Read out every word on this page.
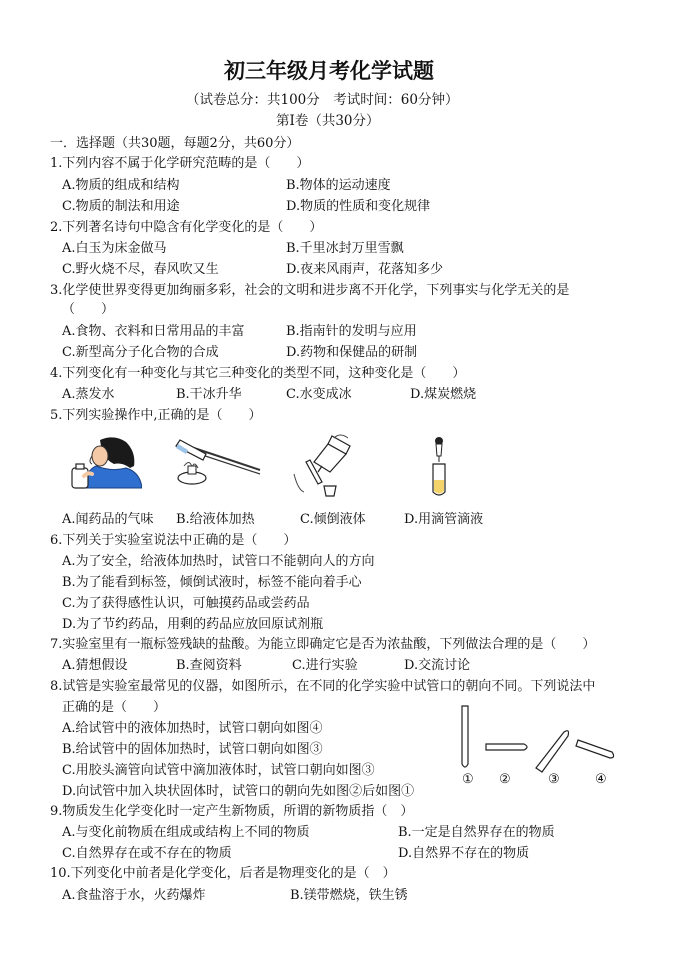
初三年级月考化学试题
（试卷总分：共100分　考试时间：60分钟）
第Ⅰ卷（共30分）
一．选择题（共30题，每题2分，共60分）
1.下列内容不属于化学研究范畴的是（　　）
A.物质的组成和结构	B.物体的运动速度
C.物质的制法和用途	D.物质的性质和变化规律
2.下列著名诗句中隐含有化学变化的是（　　）
A.白玉为床金做马	B.千里冰封万里雪飘
C.野火烧不尽，春风吹又生	D.夜来风雨声，花落知多少
3.化学使世界变得更加绚丽多彩，社会的文明和进步离不开化学，下列事实与化学无关的是
（　　）
A.食物、衣料和日常用品的丰富	B.指南针的发明与应用
C.新型高分子化合物的合成	D.药物和保健品的研制
4.下列变化有一种变化与其它三种变化的类型不同，这种变化是（　　）
A.蒸发水	B.干冰升华	C.水变成冰	D.煤炭燃烧
5.下列实验操作中,正确的是（　　）
A.闻药品的气味 B.给液体加热	C.倾倒液体	D.用滴管滴液
6.下列关于实验室说法中正确的是（　　）
A.为了安全，给液体加热时，试管口不能朝向人的方向
B.为了能看到标签，倾倒试液时，标签不能向着手心
C.为了获得感性认识，可触摸药品或尝药品
D.为了节约药品，用剩的药品应放回原试剂瓶
7.实验室里有一瓶标签残缺的盐酸。为能立即确定它是否为浓盐酸，下列做法合理的是（　　）
A.猜想假设	B.查阅资料	C.进行实验	D.交流讨论
8.试管是实验室最常见的仪器，如图所示，在不同的化学实验中试管口的朝向不同。下列说法中
正确的是（　　）
A.给试管中的液体加热时，试管口朝向如图④
B.给试管中的固体加热时，试管口朝向如图③
C.用胶头滴管向试管中滴加液体时，试管口朝向如图③
D.向试管中加入块状固体时，试管口的朝向先如图②后如图①
① ②	③	④
9.物质发生化学变化时一定产生新物质，所谓的新物质指（　）
A.与变化前物质在组成或结构上不同的物质	B.一定是自然界存在的物质
C.自然界存在或不存在的物质	D.自然界不存在的物质
10.下列变化中前者是化学变化，后者是物理变化的是（　）
A.食盐溶于水，火药爆炸	B.镁带燃烧，铁生锈
